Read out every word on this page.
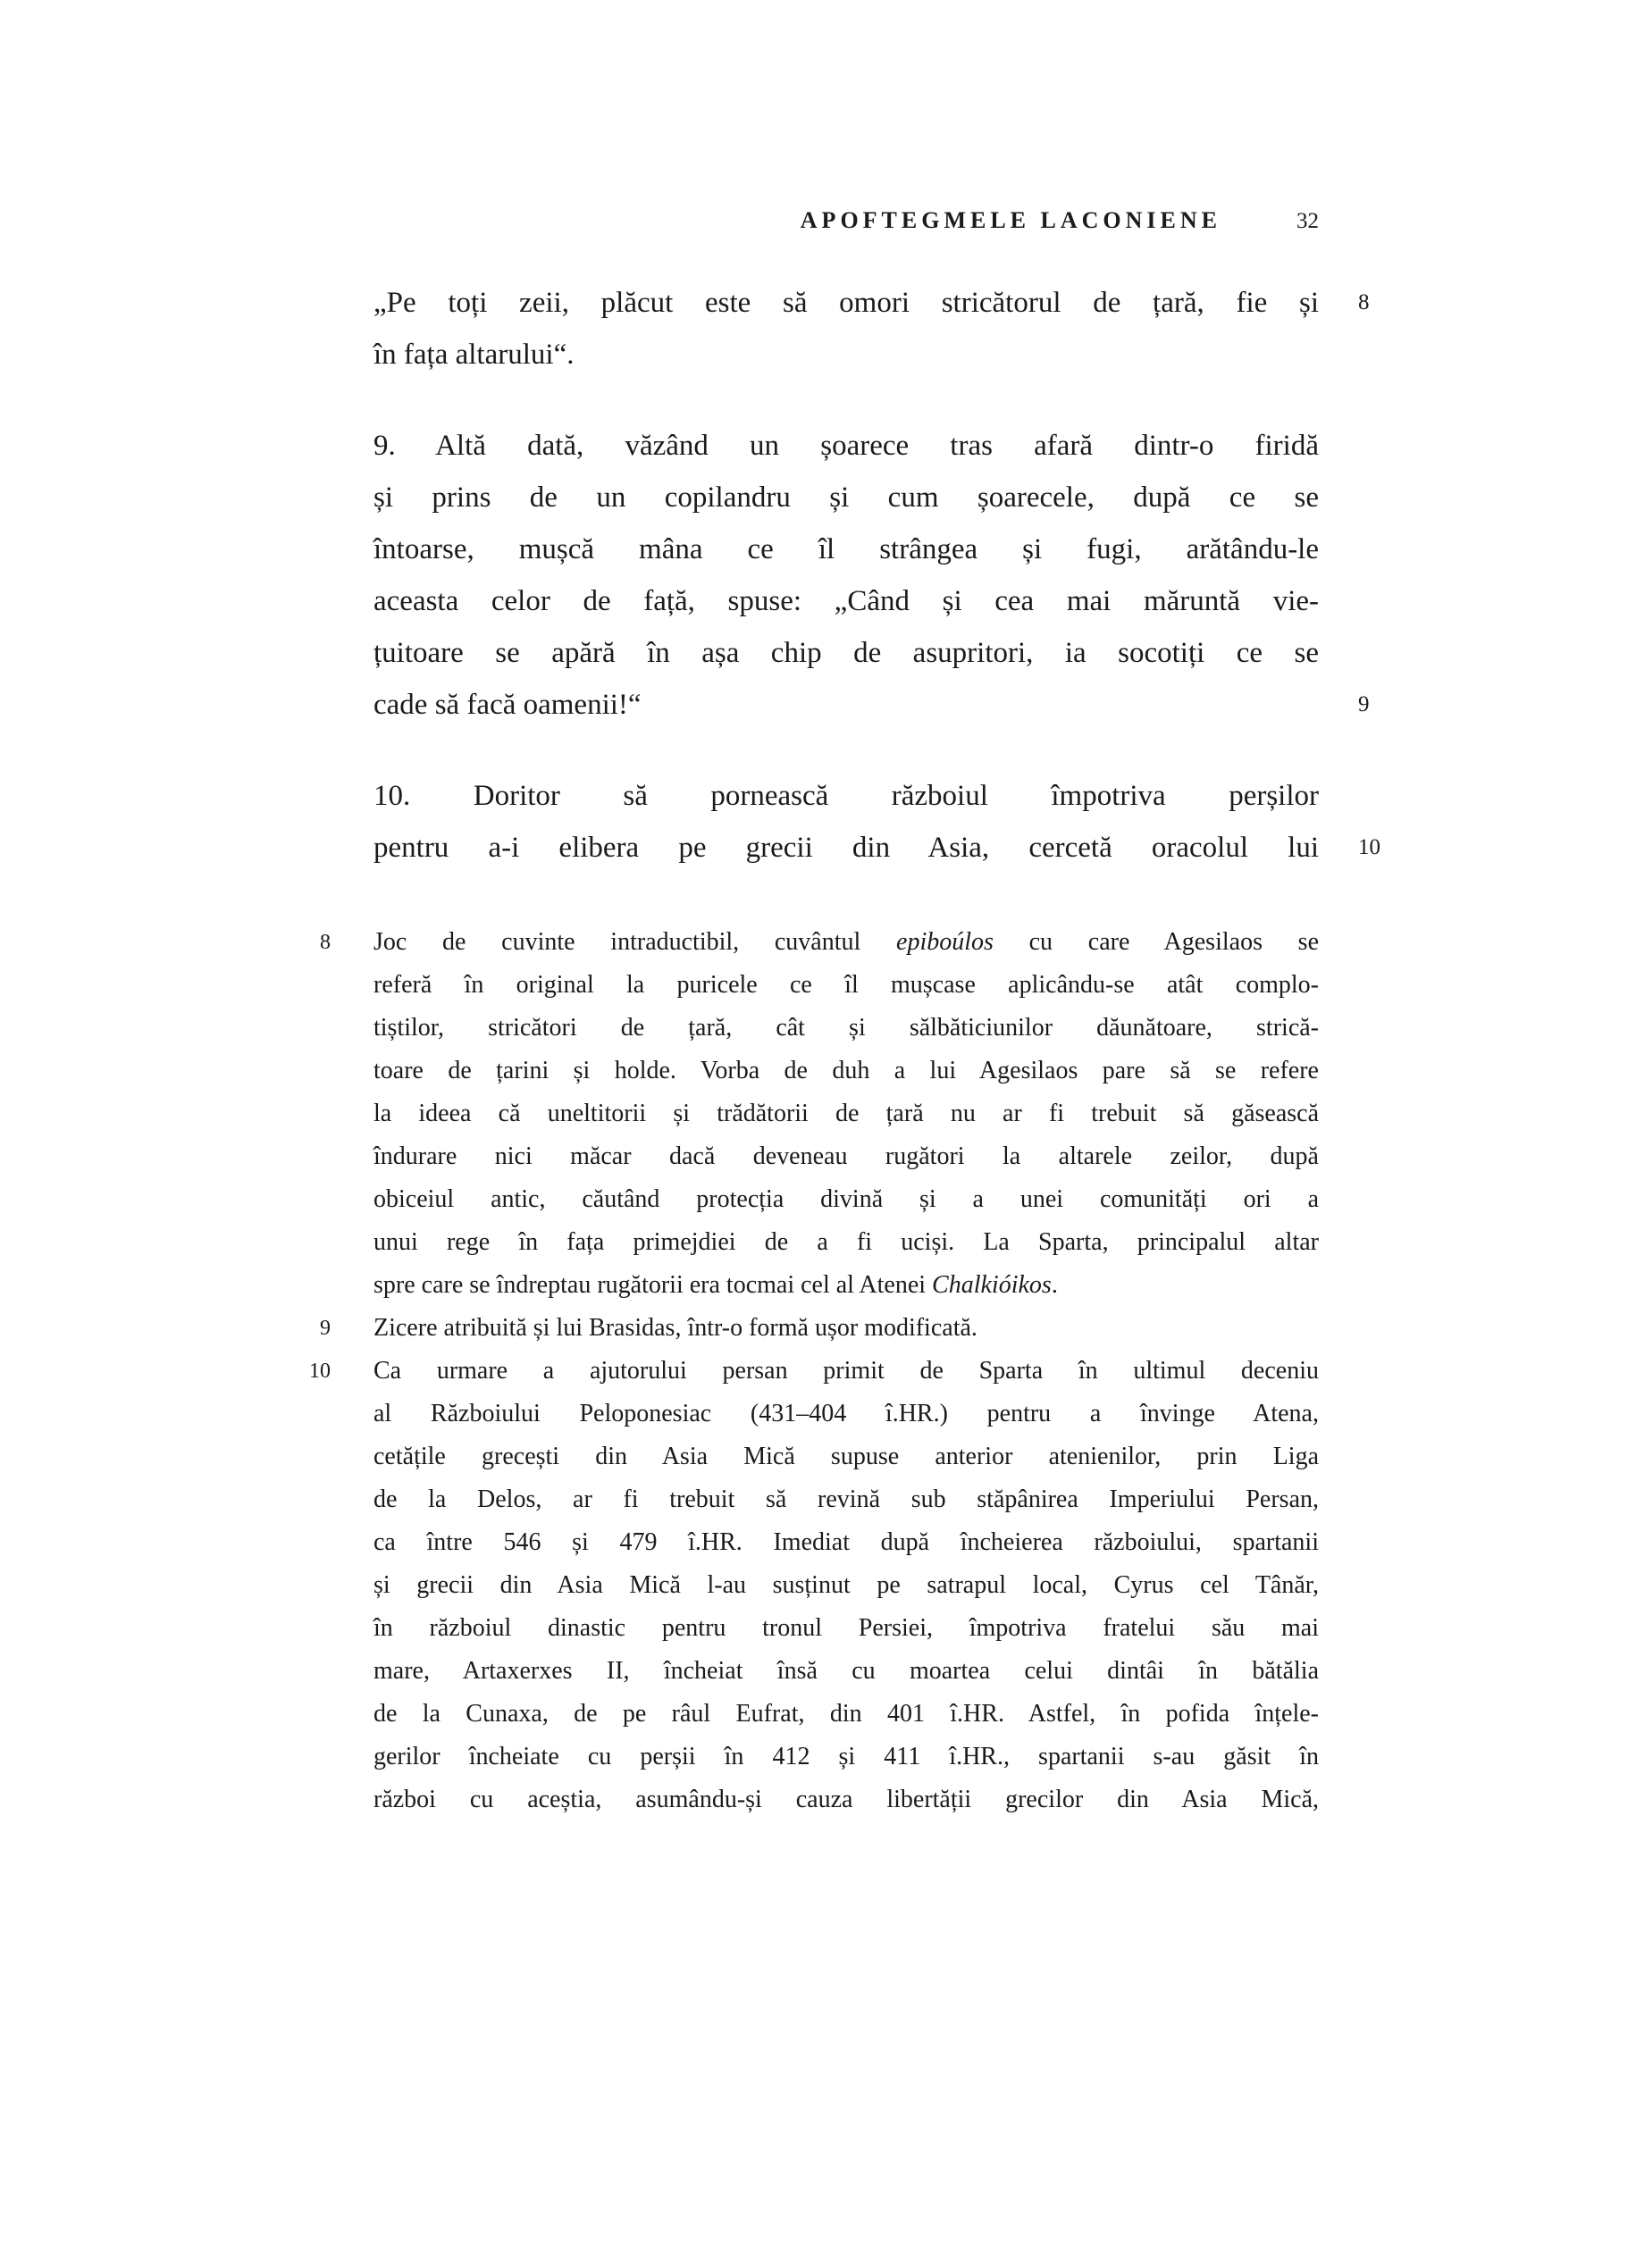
APOFTEGMELE LACONIENE	32
8
9
10

„Pe toți zeii, plăcut este să omori stricătorul de țară, fie și
în fața altarului“.

9. Altă dată, văzând un șoarece tras afară dintr-o firidă
și prins de un copilandru și cum șoarecele, după ce se
întoarse, mușcă mâna ce îl strângea și fugi, arătându-le
aceasta celor de față, spuse: „Când și cea mai măruntă vie-
țuitoare se apără în așa chip de asupritori, ia socotiți ce se
cade să facă oamenii!“

10. Doritor să pornească războiul împotriva perșilor
pentru a-i elibera pe grecii din Asia, cercetă oracolul lui

8 Joc de cuvinte intraductibil, cuvântul epiboúlos cu care Agesilaos se
referă în original la puricele ce îl mușcase aplicându-se atât complo-
tiștilor, stricători de țară, cât și sălbăticiunilor dăunătoare, strică-
toare de țarini și holde. Vorba de duh a lui Agesilaos pare să se refere
la ideea că uneltitorii și trădătorii de țară nu ar fi trebuit să găsească
îndurare nici măcar dacă deveneau rugători la altarele zeilor, după
obiceiul antic, căutând protecția divină și a unei comunități ori a
unui rege în fața primejdiei de a fi uciși. La Sparta, principalul altar
spre care se îndreptau rugătorii era tocmai cel al Atenei Chalkióikos.
9 Zicere atribuită și lui Brasidas, într-o formă ușor modificată.
10 Ca urmare a ajutorului persan primit de Sparta în ultimul deceniu
al Războiului Peloponesiac (431–404 î.HR.) pentru a învinge Atena,
cetățile grecești din Asia Mică supuse anterior atenienilor, prin Liga
de la Delos, ar fi trebuit să revină sub stăpânirea Imperiului Persan,
ca între 546 și 479 î.HR. Imediat după încheierea războiului, spartanii
și grecii din Asia Mică l-au susținut pe satrapul local, Cyrus cel Tânăr,
în războiul dinastic pentru tronul Persiei, împotriva fratelui său mai
mare, Artaxerxes II, încheiat însă cu moartea celui dintâi în bătălia
de la Cunaxa, de pe râul Eufrat, din 401 î.HR. Astfel, în pofida înțele-
gerilor încheiate cu perșii în 412 și 411 î.HR., spartanii s-au găsit în
război cu aceștia, asumându-și cauza libertății grecilor din Asia Mică,
